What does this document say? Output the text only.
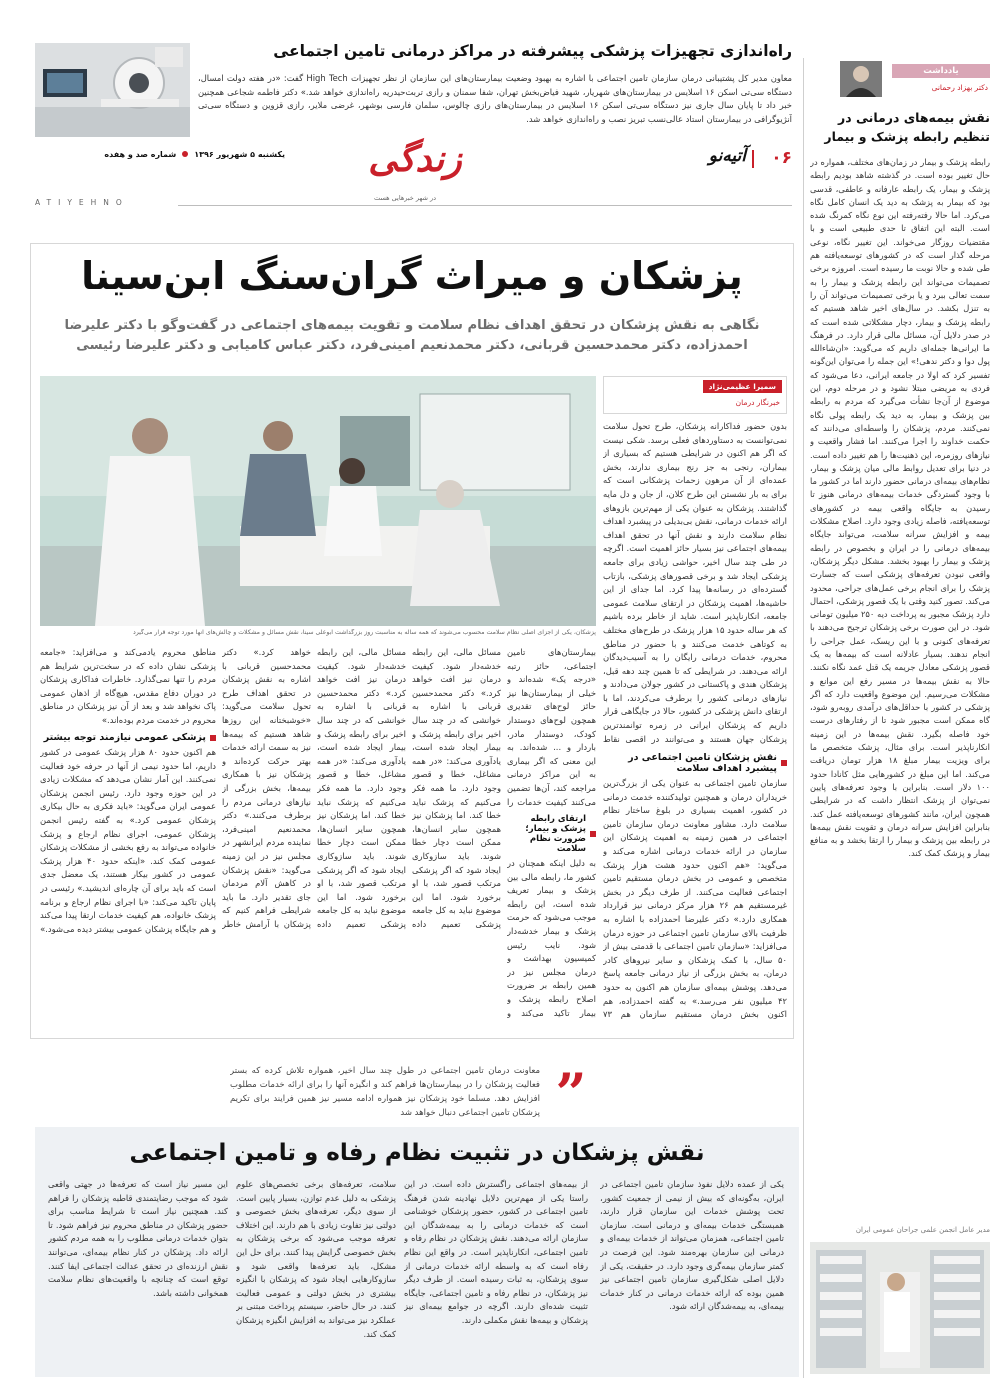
یادداشت
دکتر بهزاد رحمانی
نقش بیمه‌های درمانی در تنظیم رابطه پزشک و بیمار
رابطه پزشک و بیمار در زمان‌های مختلف، همواره در حال تغییر بوده است. در گذشته شاهد بودیم رابطه پزشک و بیمار، یک رابطه عارفانه و عاطفی، قدسی بود که بیمار به پزشک به دید یک انسان کامل نگاه می‌کرد. اما حالا رفته‌رفته این نوع نگاه کمرنگ شده است. البته این اتفاق تا حدی طبیعی است و با مقتضیات روزگار می‌خواند. این تغییر نگاه، نوعی مرحله گذار است که در کشورهای توسعه‌یافته هم طی شده و حالا نوبت ما رسیده است. امروزه برخی تصمیمات می‌تواند این رابطه پزشک و بیمار را به سمت تعالی ببرد و یا برخی تصمیمات می‌تواند آن را به تنزل بکشد. در سال‌های اخیر شاهد هستیم که رابطه پزشک و بیمار، دچار مشکلاتی شده است که در صدر دلایل آن، مسائل مالی قرار دارد. در فرهنگ ما ایرانی‌ها جمله‌ای داریم که می‌گوید: «ان‌شاءالله پول دوا و دکتر ندهی!» این جمله را می‌توان این‌گونه تفسیر کرد که اولا در جامعه ایرانی، دعا می‌شود که فردی به مریضی مبتلا نشود و در مرحله دوم، این موضوع از آن‌جا نشأت می‌گیرد که مردم به رابطه بین پزشک و بیمار، به دید یک رابطه پولی نگاه نمی‌کنند. مردم، پزشکان را واسطه‌ای می‌دانند که حکمت خداوند را اجرا می‌کنند. اما فشار واقعیت و نیازهای روزمره، این ذهنیت‌ها را هم تغییر داده است. در دنیا برای تعدیل روابط مالی میان پزشک و بیمار، نظام‌های بیمه‌ای درمانی حضور دارند اما در کشور ما با وجود گستردگی خدمات بیمه‌های درمانی هنوز تا رسیدن به جایگاه واقعی بیمه در کشورهای توسعه‌یافته، فاصله زیادی وجود دارد. اصلاح مشکلات بیمه و افزایش سرانه سلامت، می‌تواند جایگاه بیمه‌های درمانی را در ایران و بخصوص در رابطه پزشک و بیمار را بهبود بخشد. مشکل دیگر پزشکان، واقعی نبودن تعرفه‌های پزشکی است که جسارت پزشک را برای انجام برخی عمل‌های جراحی، محدود می‌کند. تصور کنید وقتی با یک قصور پزشکی، احتمال دارد پزشک مجبور به پرداخت دیه ۲۵۰ میلیون تومانی شود. در این صورت برخی پزشکان ترجیح می‌دهند با تعرفه‌های کنونی و با این ریسک، عمل جراحی را انجام ندهند. بسیار عادلانه است که بیمه‌ها به یک قصور پزشکی معادل جریمه یک قتل عمد نگاه نکنند. حالا به نقش بیمه‌ها در مسیر رفع این موانع و مشکلات می‌رسیم. این موضوع واقعیت دارد که اگر پزشکی در کشور با حداقل‌های درآمدی روبه‌رو شود، گاه ممکن است مجبور شود تا از رفتارهای درست خود فاصله بگیرد. نقش بیمه‌ها در این زمینه انکارناپذیر است. برای مثال، پزشک متخصص ما برای ویزیت بیمار مبلغ ۱۸ هزار تومان دریافت می‌کند. اما این مبلغ در کشورهایی مثل کانادا حدود ۱۰۰ دلار است. بنابراین با وجود تعرفه‌های پایین نمی‌توان از پزشک انتظار داشت که در شرایطی همچون ایران، مانند کشورهای توسعه‌یافته عمل کند. بنابراین افزایش سرانه درمان و تقویت نقش بیمه‌ها در رابطه بین پزشک و بیمار را ارتقا بخشد و به منافع بیمار و پزشک کمک کند.
مدیر عامل انجمن علمی جراحان عمومی ایران
راه‌اندازی تجهیزات پزشکی پیشرفته در مراکز درمانی تامین اجتماعی
معاون مدیر کل پشتیبانی درمان سازمان تامین اجتماعی با اشاره به بهبود وضعیت بیمارستان‌های این سازمان از نظر تجهیزات High Tech گفت: «در هفته دولت امسال، دستگاه سی‌تی اسکن ۱۶ اسلایس در بیمارستان‌های شهریار، شهید فیاض‌بخش تهران، شفا سمنان و رازی تربت‌حیدریه راه‌اندازی خواهد شد.» دکتر فاطمه شجاعی همچنین خبر داد تا پایان سال جاری نیز دستگاه سی‌تی اسکن ۱۶ اسلایس در بیمارستان‌های رازی چالوس، سلمان فارسی بوشهر، غرضی ملایر، رازی قزوین و دستگاه سی‌تی آنژیوگرافی در بیمارستان استاد عالی‌نسب تبریز نصب و راه‌اندازی خواهد شد.
زندگی
در شهر خبرهایی هست
یکشنبه ۵ شهریور ۱۳۹۶
شماره صد و هفده	۰۶
آتیه‌نو
ATIYEHNO
پزشکان و میراث گران‌سنگ ابن‌سینا
نگاهی به نقش پزشکان در تحقق اهداف نظام سلامت و تقویت بیمه‌های اجتماعی در گفت‌وگو با دکتر علیرضا احمدزاده، دکتر محمدحسین قربانی، دکتر محمدنعیم امینی‌فرد، دکتر عباس کامیابی و دکتر علیرضا رئیسی
سمیرا عظیمی‌نژاد
خبرنگار درمان
پزشکان، یکی از اجزای اصلی نظام سلامت محسوب می‌شوند که همه ساله به مناسبت روز بزرگداشت ابوعلی سینا، نقش مسائل و مشکلات و چالش‌های آنها مورد توجه قرار می‌گیرد
بدون حضور فداکارانه پزشکان، طرح تحول سلامت نمی‌توانست به دستاوردهای فعلی برسد. شکی نیست که اگر هم اکنون در شرایطی هستیم که بسیاری از بیماران، رنجی به جز رنج بیماری ندارند، بخش عمده‌ای از آن مرهون زحمات پزشکانی است که برای به بار نشستن این طرح کلان، از جان و دل مایه گذاشتند. پزشکان به عنوان یکی از مهم‌ترین بازوهای ارائه خدمات درمانی، نقش بی‌بدیلی در پیشبرد اهداف نظام سلامت دارند و نقش آنها در تحقق اهداف بیمه‌های اجتماعی نیز بسیار حائز اهمیت است. اگرچه در طی چند سال اخیر، حواشی زیادی برای جامعه پزشکی ایجاد شد و برخی قصورهای پزشکی، بازتاب گسترده‌ای در رسانه‌ها پیدا کرد. اما جدای از این حاشیه‌ها، اهمیت پزشکان در ارتقای سلامت عمومی جامعه، انکارناپذیر است. شاید از خاطر برده باشیم که هر ساله حدود ۱۵ هزار پزشک در طرح‌های مختلف به کوتاهی خدمت می‌کنند و با حضور در مناطق محروم، خدمات درمانی رایگان را به آسیب‌دیدگان ارائه می‌دهند. در شرایطی که تا همین چند دهه قبل، پزشکان هندی و پاکستانی در کشور جولان می‌دادند و نیازهای درمانی کشور را برطرف می‌کردند، اما با ارتقای دانش پزشکی در کشور، حالا در جایگاهی قرار داریم که پزشکان ایرانی در زمره توانمندترین پزشکان جهان هستند و می‌توانند در اقصی نقاط
نقش پزشکان تامین اجتماعی در پیشبرد اهداف سلامت
سازمان تامین اجتماعی به عنوان یکی از بزرگ‌ترین خریداران درمان و همچنین تولیدکننده خدمت درمانی در کشور، اهمیت بسیاری در بلوغ ساختار نظام سلامت دارد. مشاور معاونت درمان سازمان تامین اجتماعی در همین زمینه به اهمیت پزشکان این سازمان در ارائه خدمات درمانی اشاره می‌کند و می‌گوید: «هم اکنون حدود هشت هزار پزشک متخصص و عمومی در بخش درمان مستقیم تامین اجتماعی فعالیت می‌کنند. از طرف دیگر در بخش غیرمستقیم هم ۲۶ هزار مرکز درمانی نیز قرارداد همکاری دارد.» دکتر علیرضا احمدزاده با اشاره به ظرفیت بالای سازمان تامین اجتماعی در حوزه درمان می‌افزاید: «سازمان تامین اجتماعی با قدمتی بیش از ۵۰ سال، با کمک پزشکان و سایر نیروهای کادر درمان، به بخش بزرگی از نیاز درمانی جامعه پاسخ می‌دهد. پوشش بیمه‌ای سازمان هم اکنون به حدود ۴۲ میلیون نفر می‌رسد.» به گفته احمدزاده، هم اکنون بخش درمان مستقیم سازمان هم ۷۳
بیمارستان‌های تامین اجتماعی، حائز رتبه «درجه یک» شده‌اند و خیلی از بیمارستان‌ها نیز حائز لوح‌های تقدیری همچون لوح‌های دوستدار کودک، دوستدار مادر، باردار و ... شده‌اند. به این معنی که اگر بیماری به این مراکز درمانی مراجعه کند، آن‌ها تضمین می‌کنند کیفیت خدمات را
ارتقای رابطه پزشک و بیمار؛ ضرورت نظام سلامت
به دلیل اینکه همچنان در کشور ما، رابطه مالی بین پزشک و بیمار تعریف شده است، این رابطه موجب می‌شود که حرمت پزشک و بیمار خدشه‌دار شود. نایب رئیس کمیسیون بهداشت و درمان مجلس نیز در همین رابطه بر ضرورت اصلاح رابطه پزشک و بیمار تاکید می‌کند و
مسائل مالی، این رابطه خدشه‌دار شود. کیفیت درمان نیز افت خواهد کرد.» دکتر محمدحسین قربانی با اشاره به خوانشی که در چند سال اخیر برای رابطه پزشک و بیمار ایجاد شده است، یادآوری می‌کند: «در همه مشاغل، خطا و قصور وجود دارد. ما همه فکر می‌کنیم که پزشک نباید خطا کند. اما پزشکان نیز همچون سایر انسان‌ها، ممکن است دچار خطا شوند. باید سازوکاری ایجاد شود که اگر پزشکی مرتکب قصور شد، با او برخورد شود. اما این موضوع نباید به کل جامعه پزشکی تعمیم داده
مسائل مالی، این رابطه خدشه‌دار شود. کیفیت درمان نیز افت خواهد کرد.» دکتر محمدحسین قربانی با اشاره به خوانشی که در چند سال اخیر برای رابطه پزشک و بیمار ایجاد شده است، یادآوری می‌کند: «در همه مشاغل، خطا و قصور وجود دارد. ما همه فکر می‌کنیم که پزشک نباید خطا کند. اما پزشکان نیز همچون سایر انسان‌ها، ممکن است دچار خطا شوند. باید سازوکاری ایجاد شود که اگر پزشکی مرتکب قصور شد، با او برخورد شود. اما این موضوع نباید به کل جامعه پزشکی تعمیم داده
خواهد کرد.» دکتر محمدحسین قربانی با اشاره به نقش پزشکان در تحقق اهداف طرح تحول سلامت می‌گوید: «خوشبختانه این روزها شاهد هستیم که بیمه‌ها نیز به سمت ارائه خدمات بهتر حرکت کرده‌اند و پزشکان نیز با همکاری بیمه‌ها، بخش بزرگی از نیازهای درمانی مردم را برطرف می‌کنند.» دکتر محمدنعیم امینی‌فرد، نماینده مردم ایرانشهر در مجلس نیز در این زمینه می‌گوید: «نقش پزشکان در کاهش آلام مردمان جای تقدیر دارد. ما باید شرایطی فراهم کنیم که پزشکان با آرامش خاطر
مناطق محروم یادمی‌کند و می‌افزاید: «جامعه پزشکی نشان داده که در سخت‌ترین شرایط هم مردم را تنها نمی‌گذارد. خاطرات فداکاری پزشکان در دوران دفاع مقدس، هیچ‌گاه از اذهان عمومی پاک نخواهد شد و بعد از آن نیز پزشکان در مناطق محروم در خدمت مردم بوده‌اند.»
پزشکی عمومی نیازمند توجه بیشتر
هم اکنون حدود ۸۰ هزار پزشک عمومی در کشور داریم، اما حدود نیمی از آنها در حرفه خود فعالیت نمی‌کنند. این آمار نشان می‌دهد که مشکلات زیادی در این حوزه وجود دارد. رئیس انجمن پزشکان عمومی ایران می‌گوید: «باید فکری به حال بیکاری پزشکان عمومی کرد.» به گفته رئیس انجمن پزشکان عمومی، اجرای نظام ارجاع و پزشک خانواده می‌تواند به رفع بخشی از مشکلات پزشکان عمومی کمک کند. «اینکه حدود ۴۰ هزار پزشک عمومی در کشور بیکار هستند، یک معضل جدی است که باید برای آن چاره‌ای اندیشید.» رئیسی در پایان تاکید می‌کند: «با اجرای نظام ارجاع و برنامه پزشک خانواده، هم کیفیت خدمات ارتقا پیدا می‌کند و هم جایگاه پزشکان عمومی بیشتر دیده می‌شود.»
”
معاونت درمان تامین اجتماعی در طول چند سال اخیر، همواره تلاش کرده که بستر فعالیت پزشکان را در بیمارستان‌ها فراهم کند و انگیزه آنها را برای ارائه خدمات مطلوب افزایش دهد. مسلما خود پزشکان نیز همواره ادامه مسیر نیز همین فرایند برای تکریم پزشکان تامین اجتماعی دنبال خواهد شد
نقش پزشکان در تثبیت نظام رفاه و تامین اجتماعی
یکی از عمده دلایل نفوذ سازمان تامین اجتماعی در ایران، به‌گونه‌ای که بیش از نیمی از جمعیت کشور، تحت پوشش خدمات این سازمان قرار دارند، همبستگی خدمات بیمه‌ای و درمانی است. سازمان تامین اجتماعی، همزمان می‌تواند از خدمات بیمه‌ای و درمانی این سازمان بهره‌مند شود. این فرصت در کمتر سازمان بیمه‌گری وجود دارد. در حقیقت، یکی از دلایل اصلی شکل‌گیری سازمان تامین اجتماعی نیز همین بوده که ارائه خدمات درمانی در کنار خدمات بیمه‌ای، به بیمه‌شدگان ارائه شود.
از بیمه‌های اجتماعی راگسترش داده است. در این راستا یکی از مهم‌ترین دلایل نهادینه شدن فرهنگ تامین اجتماعی در کشور، حضور پزشکان خوشنامی است که خدمات درمانی را به بیمه‌شدگان این سازمان ارائه می‌دهند. نقش پزشکان در نظام رفاه و تامین اجتماعی، انکارناپذیر است. در واقع این نظام رفاه است که به واسطه ارائه خدمات درمانی از سوی پزشکان، به ثبات رسیده است. از طرف دیگر نیز پزشکان، در نظام رفاه و تامین اجتماعی، جایگاه تثبیت شده‌ای دارند. اگرچه در جوامع بیمه‌ای نیز پزشکان و بیمه‌ها نقش مکملی دارند.
سلامت، تعرفه‌های برخی تخصص‌های علوم پزشکی به دلیل عدم توازن، بسیار پایین است. از سوی دیگر، تعرفه‌های بخش خصوصی و دولتی نیز تفاوت زیادی با هم دارند. این اختلاف تعرفه موجب می‌شود که برخی پزشکان به بخش خصوصی گرایش پیدا کنند. برای حل این مشکل، باید تعرفه‌ها واقعی شود و سازوکارهایی ایجاد شود که پزشکان با انگیزه بیشتری در بخش دولتی و عمومی فعالیت کنند. در حال حاضر، سیستم پرداخت مبتنی بر عملکرد نیز می‌تواند به افزایش انگیزه پزشکان کمک کند.
این مسیر نیاز است که تعرفه‌ها در جهتی واقعی شود که موجب رضایتمندی قاطبه پزشکان را فراهم کند. همچنین نیاز است تا شرایط مناسب برای حضور پزشکان در مناطق محروم نیز فراهم شود. تا بتوان خدمات درمانی مطلوب را به همه مردم کشور ارائه داد. پزشکان در کنار نظام بیمه‌ای، می‌توانند نقش ارزنده‌ای در تحقق عدالت اجتماعی ایفا کنند. توقع است که چنانچه با واقعیت‌های نظام سلامت همخوانی داشته باشد.
